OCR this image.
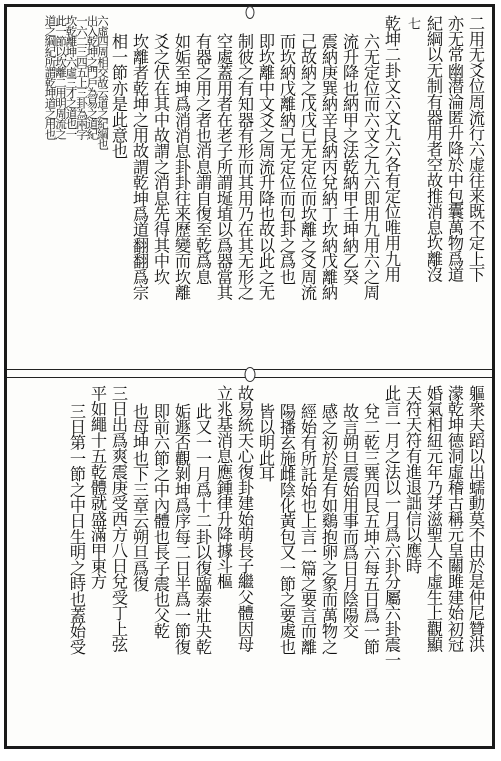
二用无爻位周流行六虚往来既不定上下
亦无常幽潜淪匿升降於中包囊萬物爲道
紀綱以无制有器用者空故推消息坎離沒
七
乾坤二卦文六文九六各有定位唯用九用
六无定位而六文之九六即用九用六之周
流升降也納甲之法乾納甲壬坤納乙癸
震納庚巽納辛艮納丙兌納丁坎納戊離納
己故納之戊戊已无定位而坎離之爻周流
而坎納戊離納己无定位而包卦之爲也
即坎離中文爻之周流升降也故以此之无
制彼之有知器有形而其用乃在其无形之
空處蓋用者在老子所謂埏埴以爲器當其
有器之用之者也消息謂自復至乾爲息
如姤至坤爲消消息卦卦往来歷變而坎離
爻之伏在其中故謂之消息先得其中坎
坎離者乾坤之用故謂乾坤爲道翻翻爲宗
相一節亦是此意也
六虛四周相交故云道之紀綱也
出入乾坤之門戶為易之道紀
一六二三四五上三卦為兩字
坎乾離坤六虛三才之道也一
此一節以坎離二用明周流之
道之綱紀所謂乾坤道之用也
軀衆夫蹈以出蠕動莫不由於是仲尼贊洪
濛乾坤德洞虛稽古稱元皇關雎建始初冠
婚氣相紐元年乃芽滋聖人不虛生上觀顯
天符天符有進退詘信以應時
此言一月之法以一月爲六卦分屬六卦震一
兌二乾三巽四艮五坤六每五日爲一節
故言朔旦震始用事而爲日月陰陽交
感之初於是有如鷄抱卵之象而萬物之
經始有所託始也上言一篇之要言而離
陽播玄施雌陰化黃包又一節之要處也
皆以明此耳
故易統天心復卦建始萌長子繼父體因母
立兆基消息應鍾律升降據斗樞
此又一一月爲十二卦以復臨泰壯夬乾
姤遯否觀剝坤爲序每二日半爲一節復
即前六節之中內體也長子震也父乾
也母坤也下三章云朔旦爲復
三日出爲爽震庚受西方八日兌受丁上弦
平如繩十五乾體就盛滿甲東方
三日第一節之中日生明之時也蓋始受
